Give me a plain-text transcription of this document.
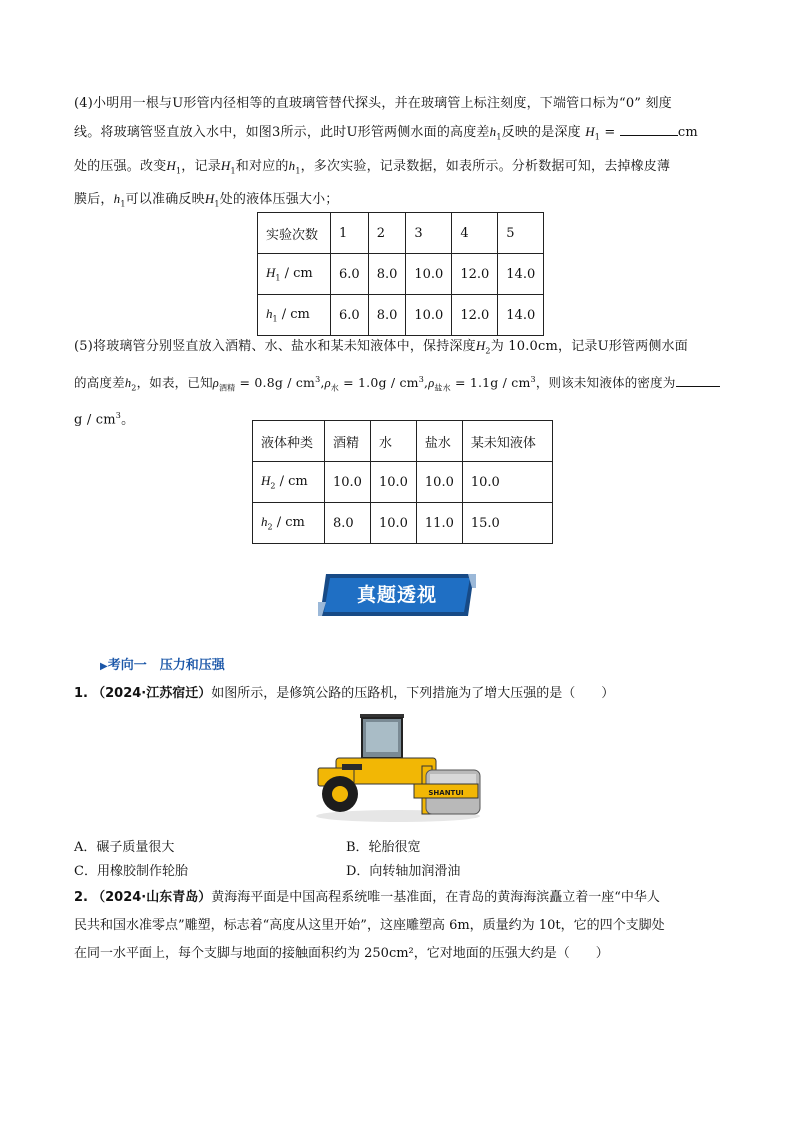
(4)小明用一根与U形管内径相等的直玻璃管替代探头，并在玻璃管上标注刻度，下端管口标为“0” 刻度
线。将玻璃管竖直放入水中，如图3所示，此时U形管两侧水面的高度差$h_1$反映的是深度 $H_1$ =	cm
处的压强。改变$H_1$，记录$H_1$和对应的$h_1$，多次实验，记录数据，如表所示。分析数据可知，去掉橡皮薄
膜后，$h_1$可以准确反映$H_1$处的液体压强大小；
实验次数	1	2	3	4	5
$H_1$ / cm	6.0	8.0	10.0	12.0	14.0
$h_1$ / cm	6.0	8.0	10.0	12.0	14.0
(5)将玻璃管分别竖直放入酒精、水、盐水和某未知液体中，保持深度$H_2$为 10.0cm，记录U形管两侧水面
的高度差$h_2$，如表，已知$\rho_{酒精} = 0.8g / cm^3,\rho_水 = 1.0g / cm^3,\rho_{盐水} = 1.1g / cm^3$，则该未知液体的密度为
g / $cm^3$。
液体种类	酒精	水	盐水	某未知液体
$H_2$ / cm	10.0	10.0	10.0	10.0
$h_2$ / cm	8.0	10.0	11.0	15.0
真题透视
▶考向一　压力和压强
1. （2024·江苏宿迁）如图所示，是修筑公路的压路机，下列措施为了增大压强的是（　　）
SHANTUI
A．碾子质量很大	B．轮胎很宽
C．用橡胶制作轮胎	D．向转轴加润滑油
2. （2024·山东青岛）黄海海平面是中国高程系统唯一基准面，在青岛的黄海海滨矗立着一座“中华人
民共和国水准零点”雕塑，标志着“高度从这里开始”，这座雕塑高 6m，质量约为 10t，它的四个支脚处
在同一水平面上，每个支脚与地面的接触面积约为 250cm²，它对地面的压强大约是（　　）
